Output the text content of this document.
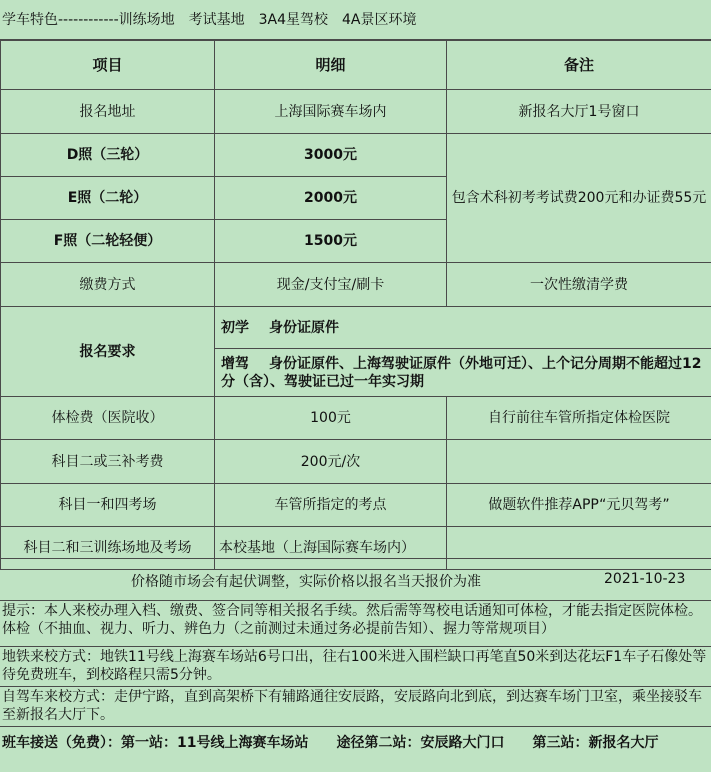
学车特色------------训练场地　考试基地　3A4星驾校　4A景区环境
项目	明细	备注
报名地址	上海国际赛车场内	新报名大厅1号窗口
D照（三轮）	3000元	包含术科初考考试费200元和办证费55元
E照（二轮）	2000元	
F照（二轮轻便）	1500元	
缴费方式	现金/支付宝/刷卡	一次性缴清学费
报名要求	初学 身份证原件	
	增驾 身份证原件、上海驾驶证原件（外地可迁）、上个记分周期不能超过12分（含）、驾驶证已过一年实习期	
体检费（医院收）	100元	自行前往车管所指定体检医院
科目二或三补考费	200元/次	
科目一和四考场	车管所指定的考点	做题软件推荐APP“元贝驾考”
科目二和三训练场地及考场	本校基地（上海国际赛车场内）	
价格随市场会有起伏调整，实际价格以报名当天报价为准	2021-10-23
提示：本人来校办理入档、缴费、签合同等相关报名手续。然后需等驾校电话通知可体检，才能去指定医院体检。体检（不抽血、视力、听力、辨色力（之前测过未通过务必提前告知）、握力等常规项目）
地铁来校方式：地铁11号线上海赛车场站6号口出，往右100米进入围栏缺口再笔直50米到达花坛F1车子石像处等待免费班车，到校路程只需5分钟。
自驾车来校方式：走伊宁路，直到高架桥下有辅路通往安辰路，安辰路向北到底，到达赛车场门卫室，乘坐接驳车至新报名大厅下。
班车接送（免费）：第一站：11号线上海赛车场站　　途径第二站：安辰路大门口　　第三站：新报名大厅
